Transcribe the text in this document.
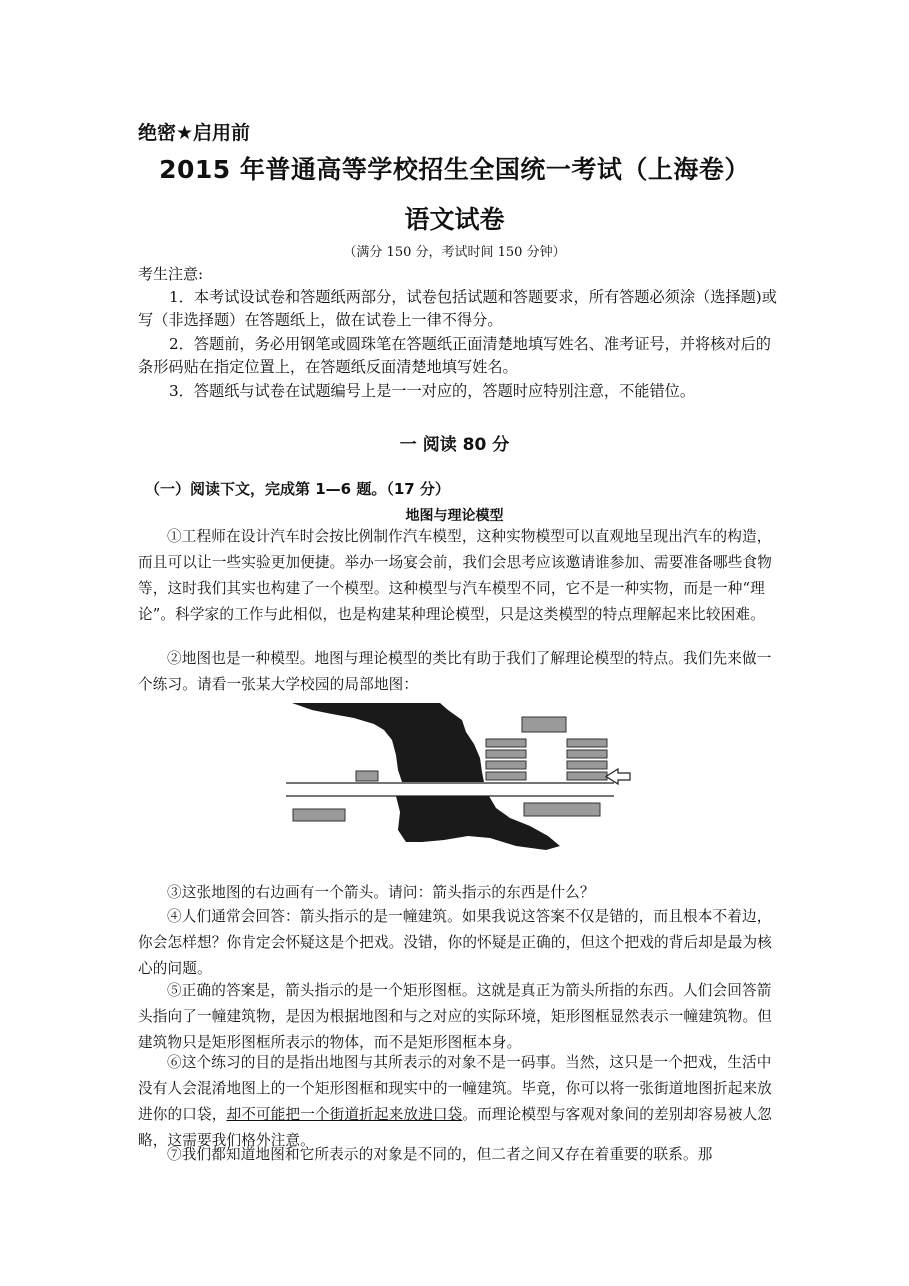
绝密★启用前
2015 年普通高等学校招生全国统一考试（上海卷）
语文试卷
（满分 150 分，考试时间 150 分钟）
考生注意:
1．本考试设试卷和答题纸两部分，试卷包括试题和答题要求，所有答题必须涂（选择题)或写（非选择题）在答题纸上，做在试卷上一律不得分。
2．答题前，务必用钢笔或圆珠笔在答题纸正面清楚地填写姓名、准考证号，并将核对后的条形码贴在指定位置上，在答题纸反面清楚地填写姓名。
3．答题纸与试卷在试题编号上是一一对应的，答题时应特别注意，不能错位。
一 阅读 80 分
（一）阅读下文，完成第 1—6 题。（17 分）
地图与理论模型
①工程师在设计汽车时会按比例制作汽车模型，这种实物模型可以直观地呈现出汽车的构造，而且可以让一些实验更加便捷。举办一场宴会前，我们会思考应该邀请谁参加、需要准备哪些食物等，这时我们其实也构建了一个模型。这种模型与汽车模型不同，它不是一种实物，而是一种“理论”。科学家的工作与此相似，也是构建某种理论模型，只是这类模型的特点理解起来比较困难。
②地图也是一种模型。地图与理论模型的类比有助于我们了解理论模型的特点。我们先来做一个练习。请看一张某大学校园的局部地图：
③这张地图的右边画有一个箭头。请问：箭头指示的东西是什么？
④人们通常会回答：箭头指示的是一幢建筑。如果我说这答案不仅是错的，而且根本不着边，你会怎样想？你肯定会怀疑这是个把戏。没错，你的怀疑是正确的，但这个把戏的背后却是最为核心的问题。
⑤正确的答案是，箭头指示的是一个矩形图框。这就是真正为箭头所指的东西。人们会回答箭头指向了一幢建筑物，是因为根据地图和与之对应的实际环境，矩形图框显然表示一幢建筑物。但建筑物只是矩形图框所表示的物体，而不是矩形图框本身。
⑥这个练习的目的是指出地图与其所表示的对象不是一码事。当然，这只是一个把戏，生活中没有人会混淆地图上的一个矩形图框和现实中的一幢建筑。毕竟，你可以将一张街道地图折起来放进你的口袋，却不可能把一个街道折起来放进口袋。而理论模型与客观对象间的差别却容易被人忽略，这需要我们格外注意。
⑦我们都知道地图和它所表示的对象是不同的，但二者之间又存在着重要的联系。那
